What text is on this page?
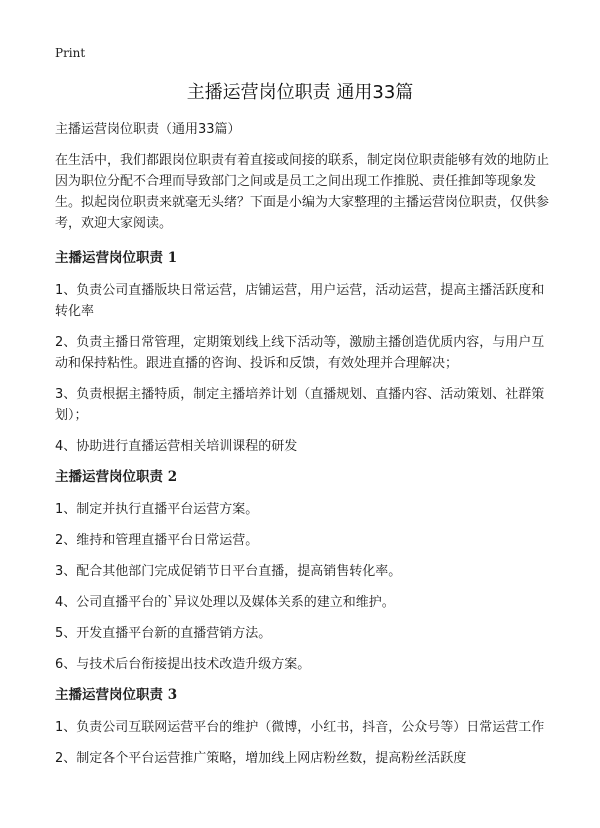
Print
主播运营岗位职责 通用33篇

主播运营岗位职责（通用33篇）

在生活中，我们都跟岗位职责有着直接或间接的联系，制定岗位职责能够有效的地防止因为职位分配不合理而导致部门之间或是员工之间出现工作推脱、责任推卸等现象发生。拟起岗位职责来就毫无头绪？下面是小编为大家整理的主播运营岗位职责，仅供参考，欢迎大家阅读。

主播运营岗位职责 1

1、负责公司直播版块日常运营，店铺运营，用户运营，活动运营，提高主播活跃度和转化率

2、负责主播日常管理，定期策划线上线下活动等，激励主播创造优质内容，与用户互动和保持粘性。跟进直播的咨询、投诉和反馈，有效处理并合理解决；

3、负责根据主播特质，制定主播培养计划（直播规划、直播内容、活动策划、社群策划）；

4、协助进行直播运营相关培训课程的研发

主播运营岗位职责 2

1、制定并执行直播平台运营方案。

2、维持和管理直播平台日常运营。

3、配合其他部门完成促销节日平台直播，提高销售转化率。

4、公司直播平台的`异议处理以及媒体关系的建立和维护。

5、开发直播平台新的直播营销方法。

6、与技术后台衔接提出技术改造升级方案。

主播运营岗位职责 3

1、负责公司互联网运营平台的维护（微博，小红书，抖音，公众号等）日常运营工作

2、制定各个平台运营推广策略，增加线上网店粉丝数，提高粉丝活跃度
